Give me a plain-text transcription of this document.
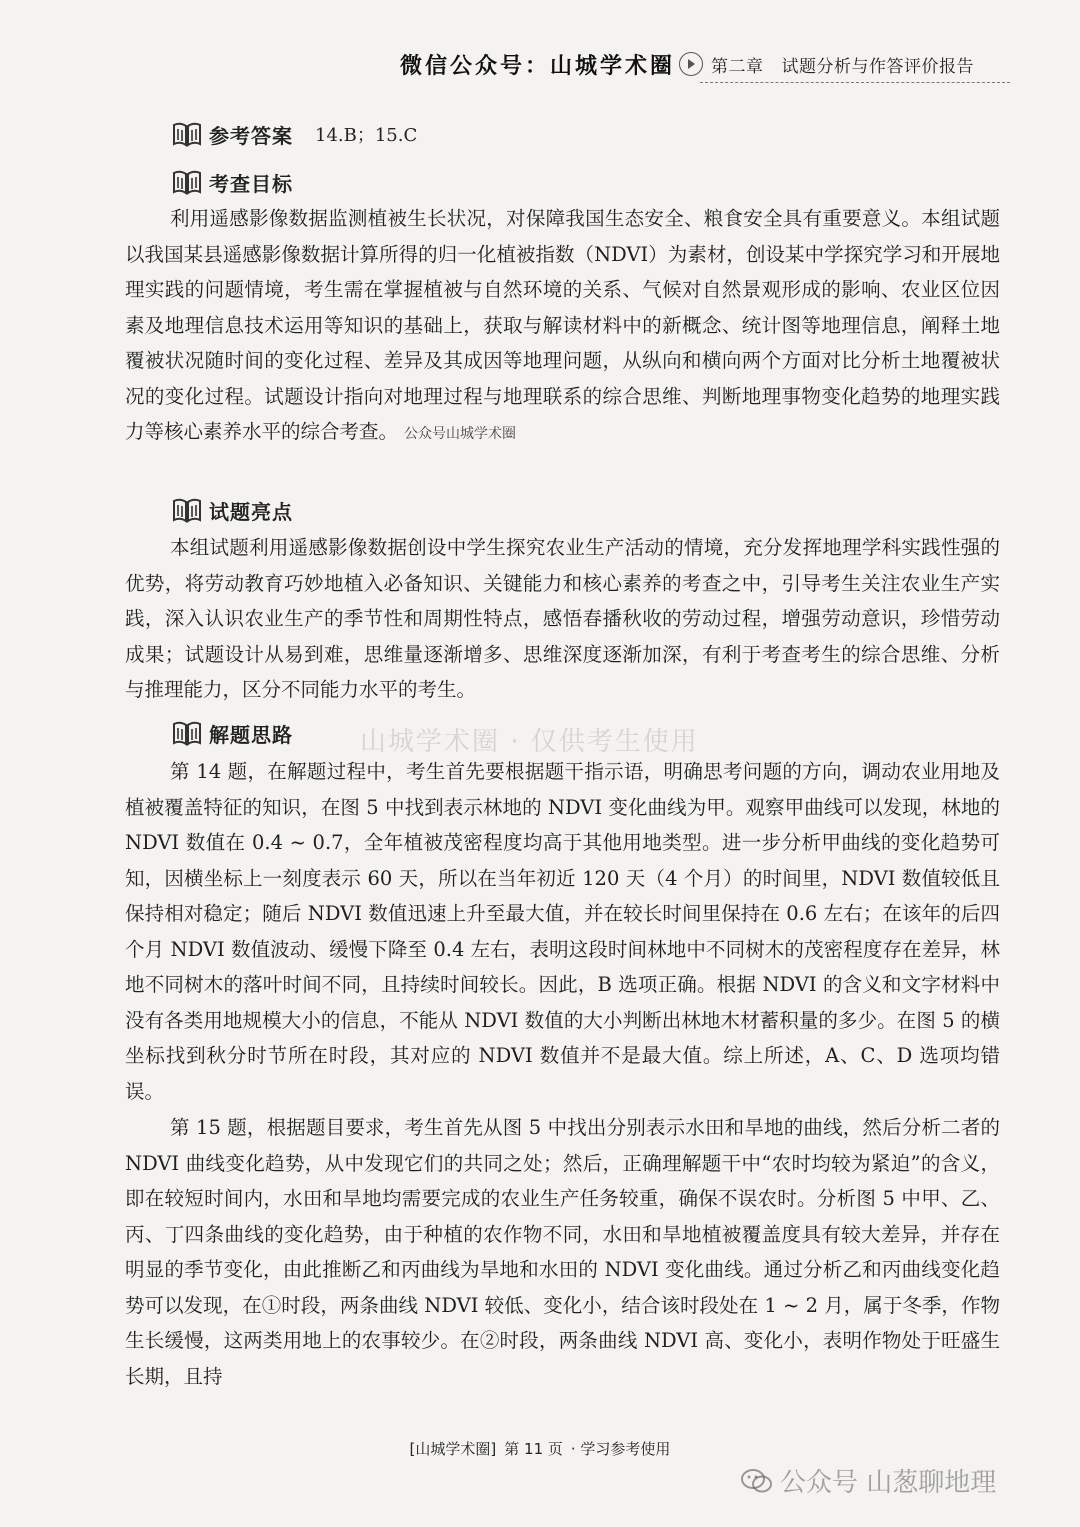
微信公众号：山城学术圈 第二章 试题分析与作答评价报告
参考答案 14.B；15.C
考查目标

利用遥感影像数据监测植被生长状况，对保障我国生态安全、粮食安全具有重要意义。本组试题以我国某县遥感影像数据计算所得的归一化植被指数（NDVI）为素材，创设某中学探究学习和开展地理实践的问题情境，考生需在掌握植被与自然环境的关系、气候对自然景观形成的影响、农业区位因素及地理信息技术运用等知识的基础上，获取与解读材料中的新概念、统计图等地理信息，阐释土地覆被状况随时间的变化过程、差异及其成因等地理问题，从纵向和横向两个方面对比分析土地覆被状况的变化过程。试题设计指向对地理过程与地理联系的综合思维、判断地理事物变化趋势的地理实践力等核心素养水平的综合考查。 公众号山城学术圈

试题亮点

本组试题利用遥感影像数据创设中学生探究农业生产活动的情境，充分发挥地理学科实践性强的优势，将劳动教育巧妙地植入必备知识、关键能力和核心素养的考查之中，引导考生关注农业生产实践，深入认识农业生产的季节性和周期性特点，感悟春播秋收的劳动过程，增强劳动意识，珍惜劳动成果；试题设计从易到难，思维量逐渐增多、思维深度逐渐加深，有利于考查考生的综合思维、分析与推理能力，区分不同能力水平的考生。

解题思路	山城学术圈 · 仅供考生使用

第 14 题，在解题过程中，考生首先要根据题干指示语，明确思考问题的方向，调动农业用地及植被覆盖特征的知识，在图 5 中找到表示林地的 NDVI 变化曲线为甲。观察甲曲线可以发现，林地的 NDVI 数值在 0.4 ~ 0.7，全年植被茂密程度均高于其他用地类型。进一步分析甲曲线的变化趋势可知，因横坐标上一刻度表示 60 天，所以在当年初近 120 天（4 个月）的时间里，NDVI 数值较低且保持相对稳定；随后 NDVI 数值迅速上升至最大值，并在较长时间里保持在 0.6 左右；在该年的后四个月 NDVI 数值波动、缓慢下降至 0.4 左右，表明这段时间林地中不同树木的茂密程度存在差异，林地不同树木的落叶时间不同，且持续时间较长。因此，B 选项正确。根据 NDVI 的含义和文字材料中没有各类用地规模大小的信息，不能从 NDVI 数值的大小判断出林地木材蓄积量的多少。在图 5 的横坐标找到秋分时节所在时段，其对应的 NDVI 数值并不是最大值。综上所述，A、C、D 选项均错误。

第 15 题，根据题目要求，考生首先从图 5 中找出分别表示水田和旱地的曲线，然后分析二者的 NDVI 曲线变化趋势，从中发现它们的共同之处；然后，正确理解题干中“农时均较为紧迫”的含义，即在较短时间内，水田和旱地均需要完成的农业生产任务较重，确保不误农时。分析图 5 中甲、乙、丙、丁四条曲线的变化趋势，由于种植的农作物不同，水田和旱地植被覆盖度具有较大差异，并存在明显的季节变化，由此推断乙和丙曲线为旱地和水田的 NDVI 变化曲线。通过分析乙和丙曲线变化趋势可以发现，在①时段，两条曲线 NDVI 较低、变化小，结合该时段处在 1 ~ 2 月，属于冬季，作物生长缓慢，这两类用地上的农事较少。在②时段，两条曲线 NDVI 高、变化小，表明作物处于旺盛生长期，且持

[山城学术圈] 第 11 页 · 学习参考使用
公众号 山葱聊地理
